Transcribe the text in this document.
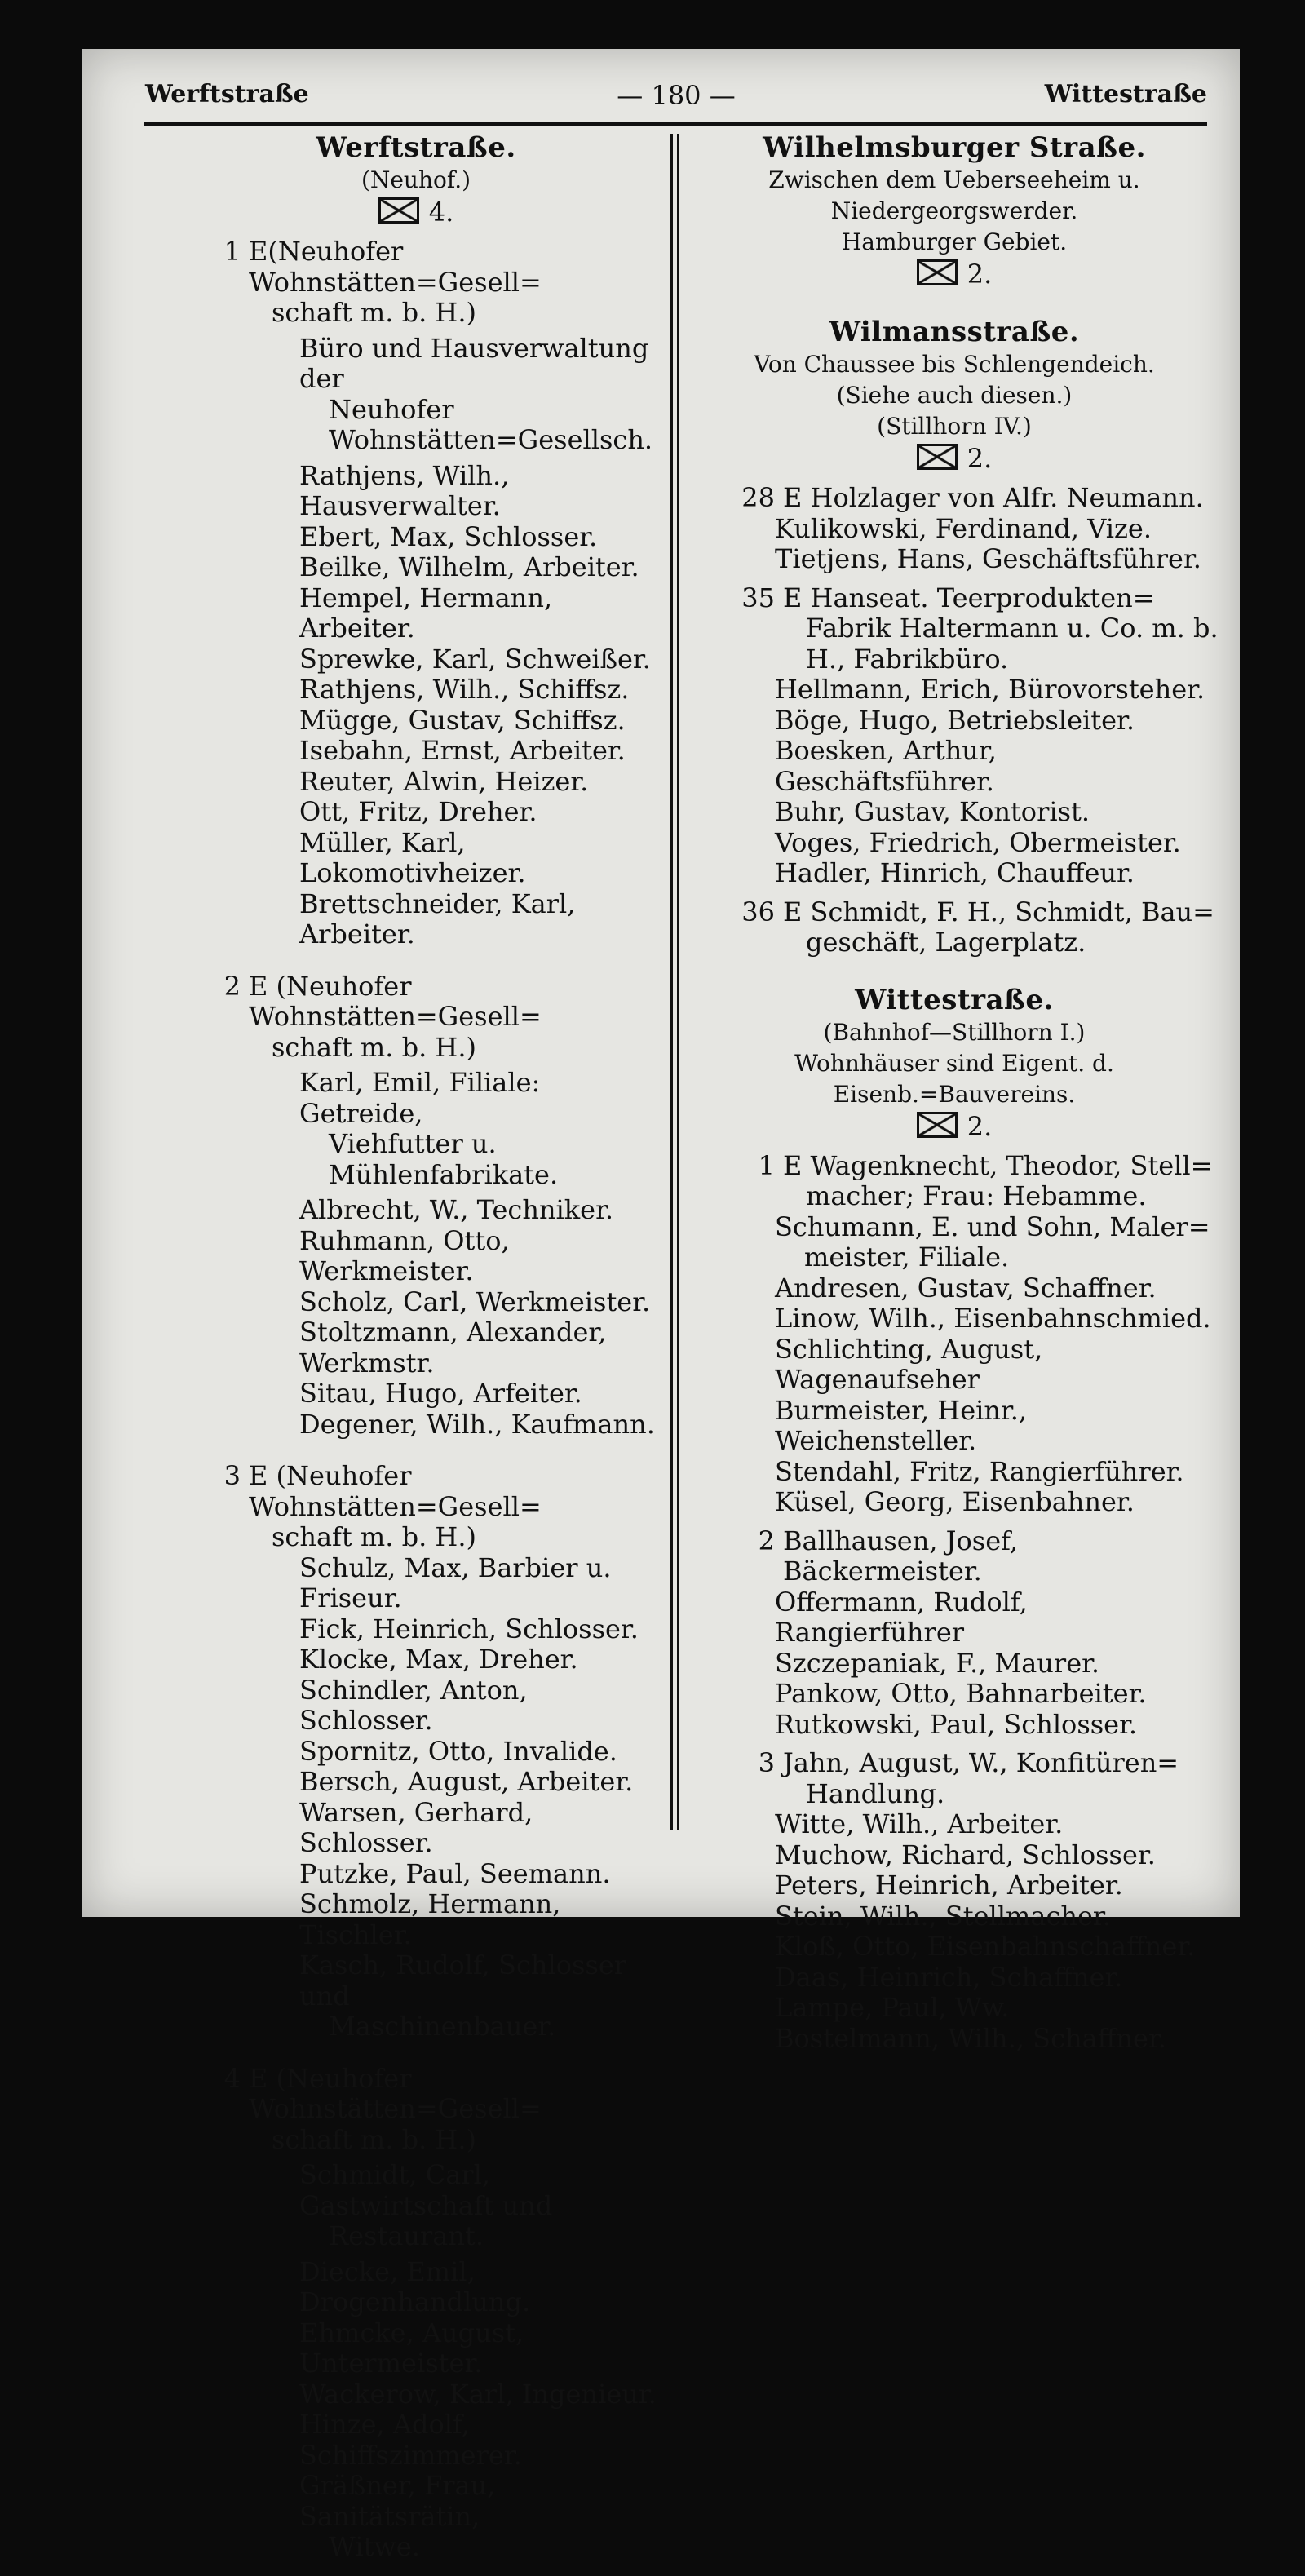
Werftstraße	— 180 —	Wittestraße
Werftstraße.
(Neuhof.)
4.
1 E(Neuhofer Wohnstätten=Gesell=
schaft m. b. H.)
Büro und Hausverwaltung der
Neuhofer Wohnstätten=Gesellsch.
Rathjens, Wilh., Hausverwalter.
Ebert, Max, Schlosser.
Beilke, Wilhelm, Arbeiter.
Hempel, Hermann, Arbeiter.
Sprewke, Karl, Schweißer.
Rathjens, Wilh., Schiffsz.
Mügge, Gustav, Schiffsz.
Isebahn, Ernst, Arbeiter.
Reuter, Alwin, Heizer.
Ott, Fritz, Dreher.
Müller, Karl, Lokomotivheizer.
Brettschneider, Karl, Arbeiter.
2 E (Neuhofer Wohnstätten=Gesell=
schaft m. b. H.)
Karl, Emil, Filiale: Getreide,
Viehfutter u. Mühlenfabrikate.
Albrecht, W., Techniker.
Ruhmann, Otto, Werkmeister.
Scholz, Carl, Werkmeister.
Stoltzmann, Alexander, Werkmstr.
Sitau, Hugo, Arfeiter.
Degener, Wilh., Kaufmann.
3 E (Neuhofer Wohnstätten=Gesell=
schaft m. b. H.)
Schulz, Max, Barbier u. Friseur.
Fick, Heinrich, Schlosser.
Klocke, Max, Dreher.
Schindler, Anton, Schlosser.
Spornitz, Otto, Invalide.
Bersch, August, Arbeiter.
Warsen, Gerhard, Schlosser.
Putzke, Paul, Seemann.
Schmolz, Hermann, Tischler.
Kasch, Rudolf, Schlosser und
Maschinenbauer.
4 E (Neuhofer Wohnstätten=Gesell=
schaft m. b. H.)
Schmidt, Carl, Gastwirtschaft und
Restaurant.
Diecke, Emil, Drogenhandlung.
Ehmcke, August, Untermeister.
Wackerow, Karl, Ingenieur.
Hinze, Adolf, Schiffszimmerer.
Gräßner, Frau, Sanitätsrätin,
Witwe.
Wilhelmsburger Straße.
Zwischen dem Ueberseeheim u. Niedergeorgswerder.
Hamburger Gebiet.
2.
Wilmansstraße.
Von Chaussee bis Schlengendeich.
(Siehe auch diesen.)
(Stillhorn IV.)
2.
28 E Holzlager von Alfr. Neumann.
Kulikowski, Ferdinand, Vize.
Tietjens, Hans, Geschäftsführer.
35 E Hanseat. Teerprodukten=
Fabrik Haltermann u. Co. m. b. H., Fabrikbüro.
Hellmann, Erich, Bürovorsteher.
Böge, Hugo, Betriebsleiter.
Boesken, Arthur, Geschäftsführer.
Buhr, Gustav, Kontorist.
Voges, Friedrich, Obermeister.
Hadler, Hinrich, Chauffeur.
36 E Schmidt, F. H., Schmidt, Bau=
geschäft, Lagerplatz.
Wittestraße.
(Bahnhof—Stillhorn I.)
Wohnhäuser sind Eigent. d. Eisenb.=Bauvereins.
2.
1 E Wagenknecht, Theodor, Stell=
macher; Frau: Hebamme.
Schumann, E. und Sohn, Maler=
meister, Filiale.
Andresen, Gustav, Schaffner.
Linow, Wilh., Eisenbahnschmied.
Schlichting, August, Wagenaufseher
Burmeister, Heinr., Weichensteller.
Stendahl, Fritz, Rangierführer.
Küsel, Georg, Eisenbahner.
2 Ballhausen, Josef, Bäckermeister.
Offermann, Rudolf, Rangierführer
Szczepaniak, F., Maurer.
Pankow, Otto, Bahnarbeiter.
Rutkowski, Paul, Schlosser.
3 Jahn, August, W., Konfitüren=
Handlung.
Witte, Wilh., Arbeiter.
Muchow, Richard, Schlosser.
Peters, Heinrich, Arbeiter.
Stein, Wilh., Stellmacher.
Kloß, Otto, Eisenbahnschaffner.
Daas, Heinrich, Schaffner.
Lampe, Paul, Ww.
Bostelmann, Wilh., Schaffner.
